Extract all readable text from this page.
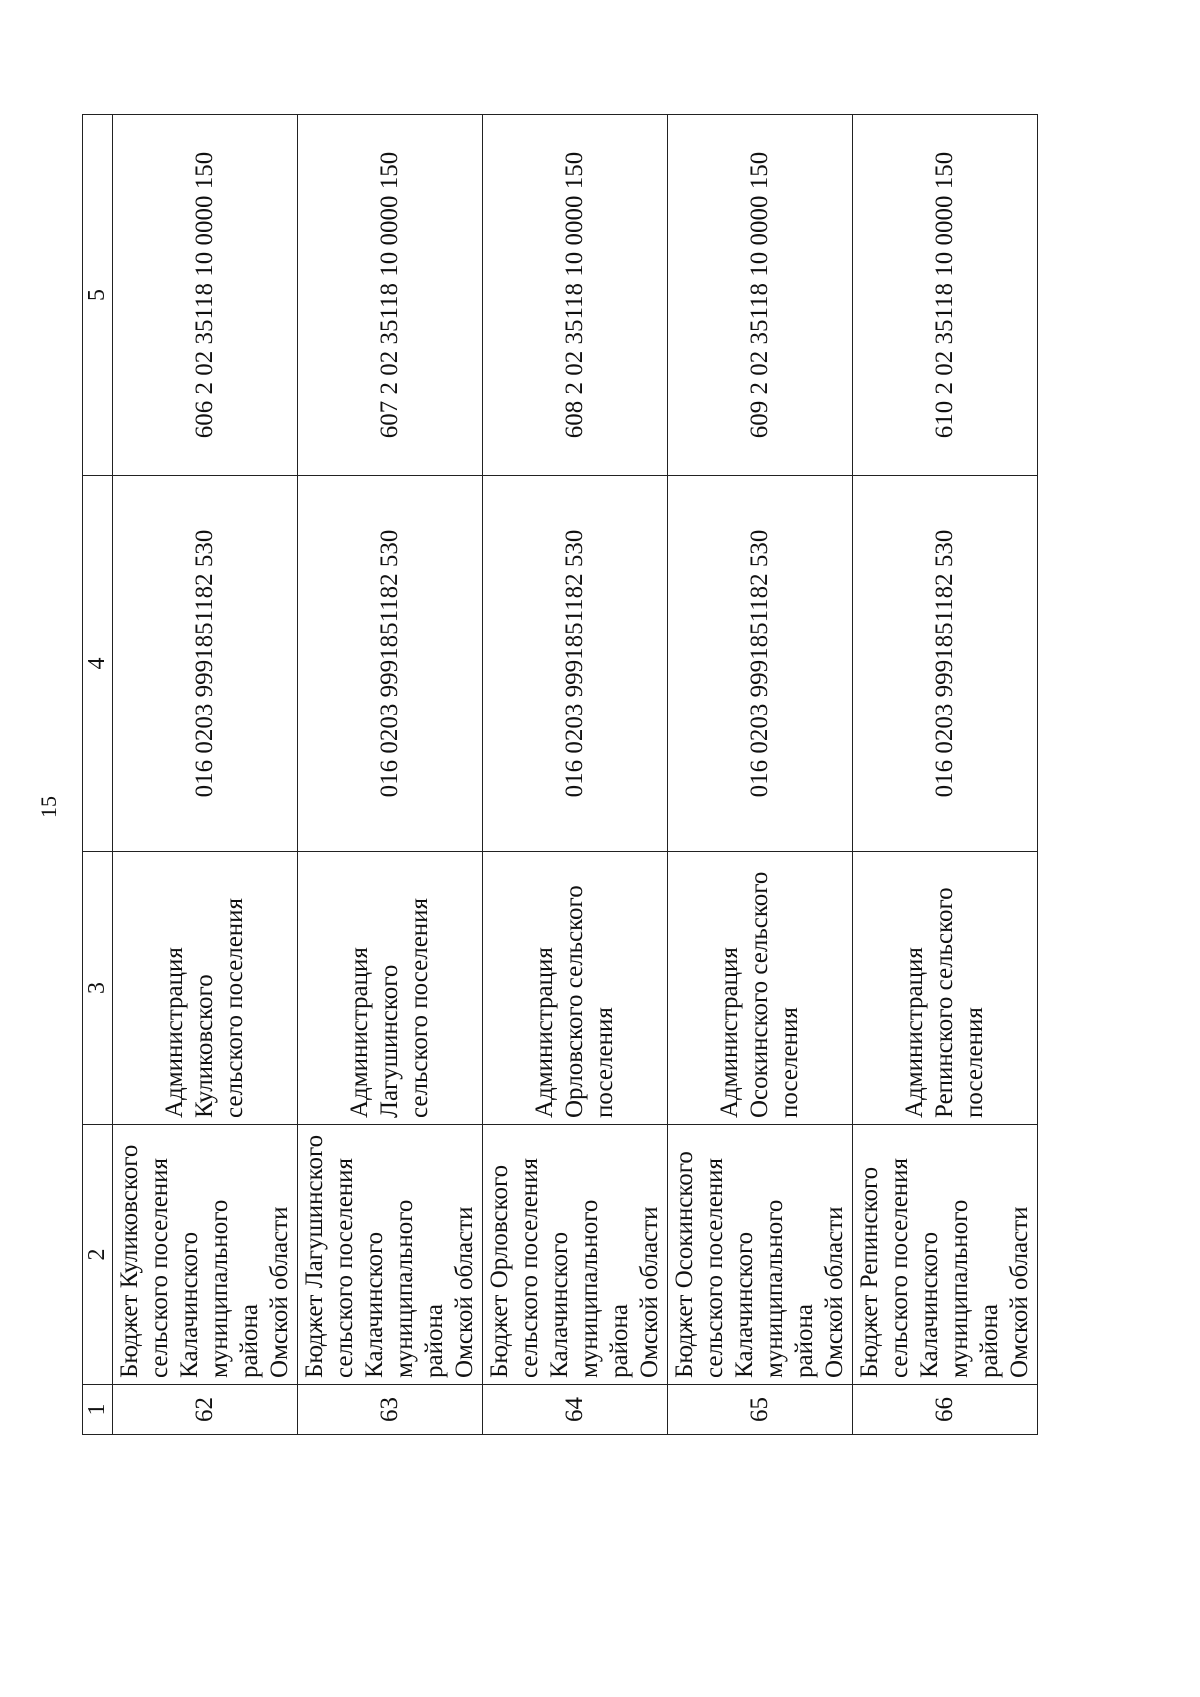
15
1	2	3	4	5
62	Бюджет Куликовского сельского поселения Калачинского муниципального района Омской области	Администрация Куликовского сельского поселения	016 0203 9991851182 530	606 2 02 35118 10 0000 150
63	Бюджет Лагушинского сельского поселения Калачинского муниципального района Омской области	Администрация Лагушинского сельского поселения	016 0203 9991851182 530	607 2 02 35118 10 0000 150
64	Бюджет Орловского сельского поселения Калачинского муниципального района Омской области	Администрация Орловского сельского поселения	016 0203 9991851182 530	608 2 02 35118 10 0000 150
65	Бюджет Осокинского сельского поселения Калачинского муниципального района Омской области	Администрация Осокинского сельского поселения	016 0203 9991851182 530	609 2 02 35118 10 0000 150
66	Бюджет Репинского сельского поселения Калачинского муниципального района Омской области	Администрация Репинского сельского поселения	016 0203 9991851182 530	610 2 02 35118 10 0000 150
